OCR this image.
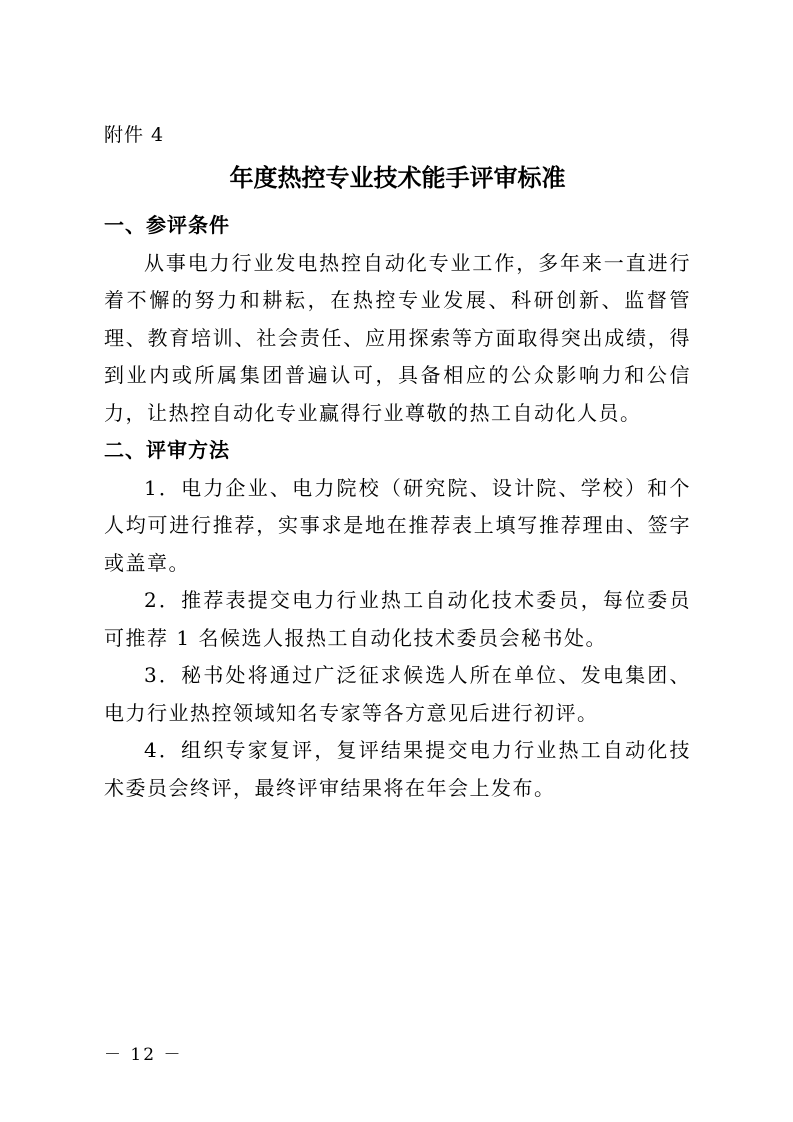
附件 4
年度热控专业技术能手评审标准

一、参评条件

从事电力行业发电热控自动化专业工作，多年来一直进行着不懈的努力和耕耘，在热控专业发展、科研创新、监督管理、教育培训、社会责任、应用探索等方面取得突出成绩，得到业内或所属集团普遍认可，具备相应的公众影响力和公信力，让热控自动化专业赢得行业尊敬的热工自动化人员。

二、评审方法

1．电力企业、电力院校（研究院、设计院、学校）和个人均可进行推荐，实事求是地在推荐表上填写推荐理由、签字或盖章。

2．推荐表提交电力行业热工自动化技术委员，每位委员可推荐 1 名候选人报热工自动化技术委员会秘书处。

3．秘书处将通过广泛征求候选人所在单位、发电集团、电力行业热控领域知名专家等各方意见后进行初评。

4．组织专家复评，复评结果提交电力行业热工自动化技术委员会终评，最终评审结果将在年会上发布。

－ 12 －
